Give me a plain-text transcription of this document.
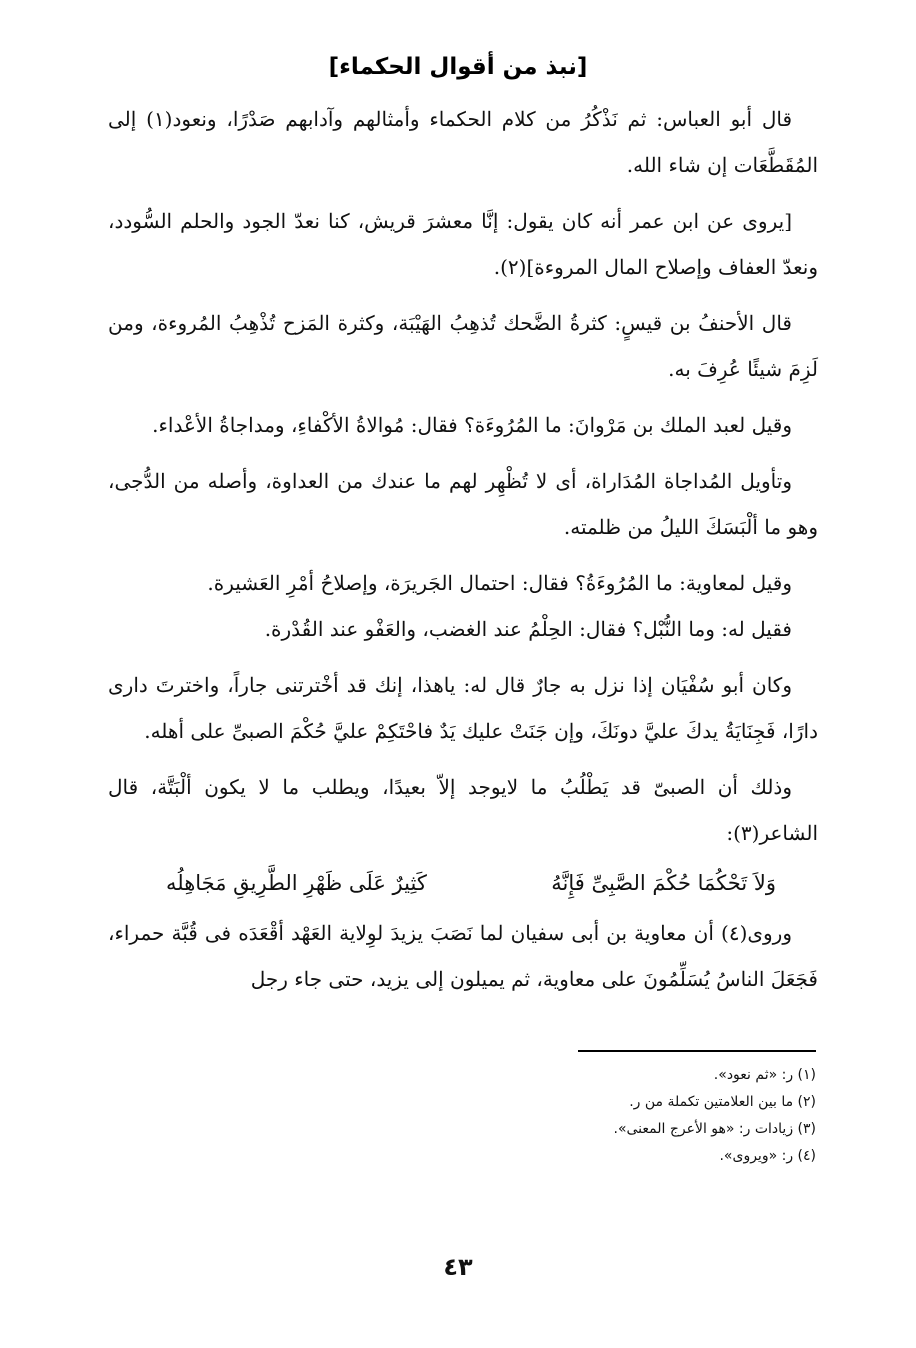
[نبذ من أقوال الحكماء]

قال أبو العباس: ثم نَذْكُرُ من كلام الحكماء وأمثالهم وآدابهم صَدْرًا، ونعود(١) إلى المُقَطَّعَات إن شاء الله.

[يروى عن ابن عمر أنه كان يقول: إنَّا معشرَ قريش، كنا نعدّ الجود والحلم السُّودد، ونعدّ العفاف وإصلاح المال المروءة](٢).

قال الأحنفُ بن قيسٍ: كثرةُ الضَّحك تُذهِبُ الهَيْبَة، وكثرة المَزح تُذْهِبُ المُروءة، ومن لَزِمَ شيئًا عُرِفَ به.

وقيل لعبد الملك بن مَرْوانَ: ما المُرُوءَة؟ فقال: مُوالاةُ الأكْفاءِ، ومداجاةُ الأعْداء.

وتأويل المُداجاة المُدَاراة، أى لا تُظْهِر لهم ما عندك من العداوة، وأصله من الدُّجى، وهو ما ألْبَسَكَ الليلُ من ظلمته.

وقيل لمعاوية: ما المُرُوءَةُ؟ فقال: احتمال الجَريرَة، وإصلاحُ أمْرِ العَشيرة.

فقيل له: وما النُّبْل؟ فقال: الحِلْمُ عند الغضب، والعَفْو عند القُدْرة.

وكان أبو سُفْيَان إذا نزل به جارٌ قال له: ياهذا، إنك قد أخْترتنى جاراً، واخترتَ دارى دارًا، فَجِنَايَةُ يدكَ عليَّ دونَكَ، وإن جَنَتْ عليك يَدٌ فاحْتَكِمْ عليَّ حُكْمَ الصبىِّ على أهله.

وذلك أن الصبىّ قد يَطْلُبُ ما لايوجد إلاّ بعيدًا، ويطلب ما لا يكون ألْبَتَّة، قال الشاعر(٣):

وَلاَ تَحْكُمَا حُكْمَ الصَّبِىِّ فَإِنَّهُ
كَثِيرٌ عَلَى ظَهْرِ الطَّرِيقِ مَجَاهِلُه

وروى(٤) أن معاوية بن أبى سفيان لما نَصَبَ يزيدَ لوِلاية العَهْد أقْعَدَه فى قُبَّة حمراء، فَجَعَلَ الناسُ يُسَلِّمُونَ على معاوية، ثم يميلون إلى يزيد، حتى جاء رجل

(١) ر: «ثم نعود».

(٢) ما بين العلامتين تكملة من ر.

(٣) زيادات ر: «هو الأعرج المعنى».

(٤) ر: «ويروى».

٤٣
